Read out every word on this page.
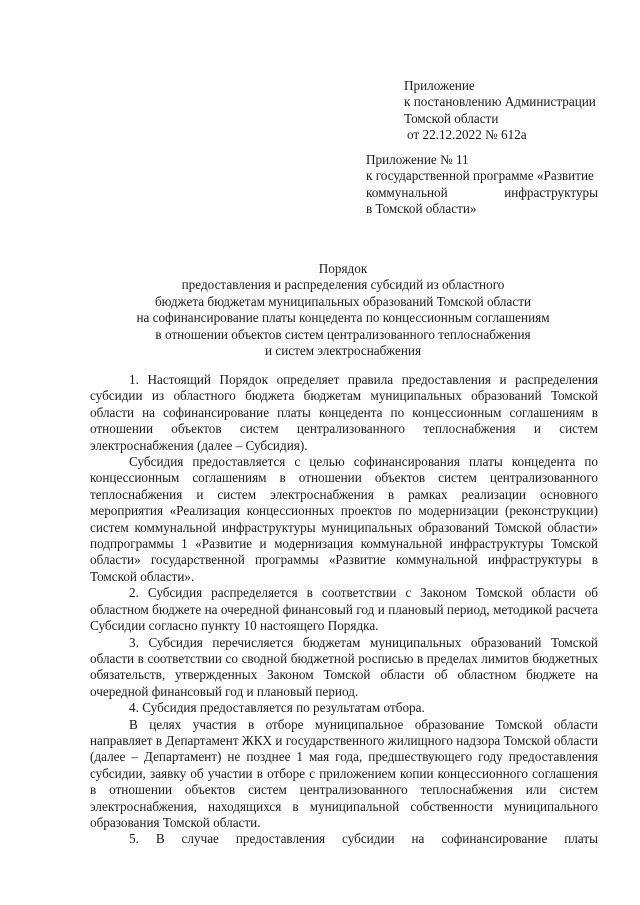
Приложение
к постановлению Администрации
Томской области
от 22.12.2022 № 612а
Приложение № 11
к государственной программе «Развитие
коммунальной	инфраструктуры
в Томской области»
Порядок
предоставления и распределения субсидий из областного
бюджета бюджетам муниципальных образований Томской области
на софинансирование платы концедента по концессионным соглашениям
в отношении объектов систем централизованного теплоснабжения
и систем электроснабжения

1. Настоящий Порядок определяет правила предоставления и распределения субсидии из областного бюджета бюджетам муниципальных образований Томской области на софинансирование платы концедента по концессионным соглашениям в отношении объектов систем централизованного теплоснабжения и систем электроснабжения (далее – Субсидия).

Субсидия предоставляется с целью софинансирования платы концедента по концессионным соглашениям в отношении объектов систем централизованного теплоснабжения и систем электроснабжения в рамках реализации основного мероприятия «Реализация концессионных проектов по модернизации (реконструкции) систем коммунальной инфраструктуры муниципальных образований Томской области» подпрограммы 1 «Развитие и модернизация коммунальной инфраструктуры Томской области» государственной программы «Развитие коммунальной инфраструктуры в Томской области».

2. Субсидия распределяется в соответствии с Законом Томской области об областном бюджете на очередной финансовый год и плановый период, методикой расчета Субсидии согласно пункту 10 настоящего Порядка.

3. Субсидия перечисляется бюджетам муниципальных образований Томской области в соответствии со сводной бюджетной росписью в пределах лимитов бюджетных обязательств, утвержденных Законом Томской области об областном бюджете на очередной финансовый год и плановый период.

4. Субсидия предоставляется по результатам отбора.

В целях участия в отборе муниципальное образование Томской области направляет в Департамент ЖКХ и государственного жилищного надзора Томской области (далее – Департамент) не позднее 1 мая года, предшествующего году предоставления субсидии, заявку об участии в отборе с приложением копии концессионного соглашения в отношении объектов систем централизованного теплоснабжения или систем электроснабжения, находящихся в муниципальной собственности муниципального образования Томской области.

5. В случае предоставления субсидии на софинансирование платы
